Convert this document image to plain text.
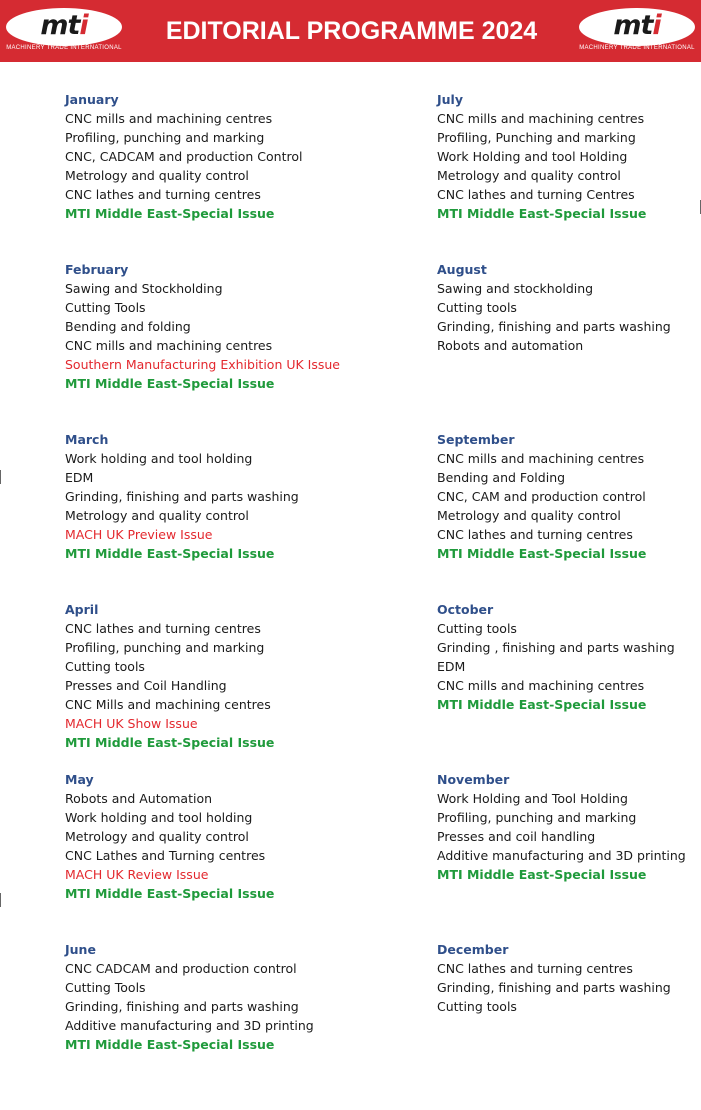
mti
MACHINERY TRADE INTERNATIONAL
EDITORIAL PROGRAMME 2024	mti
MACHINERY TRADE INTERNATIONAL
January
CNC mills and machining centres
Profiling, punching and marking
CNC, CADCAM and production Control
Metrology and quality control
CNC lathes and turning centres
MTI Middle East-Special Issue
February
Sawing and Stockholding
Cutting Tools
Bending and folding
CNC mills and machining centres
Southern Manufacturing Exhibition UK Issue
MTI Middle East-Special Issue
March
Work holding and tool holding
EDM
Grinding, finishing and parts washing
Metrology and quality control
MACH UK Preview Issue
MTI Middle East-Special Issue
April
CNC lathes and turning centres
Profiling, punching and marking
Cutting tools
Presses and Coil Handling
CNC Mills and machining centres
MACH UK Show Issue
MTI Middle East-Special Issue
May
Robots and Automation
Work holding and tool holding
Metrology and quality control
CNC Lathes and Turning centres
MACH UK Review Issue
MTI Middle East-Special Issue
June
CNC CADCAM and production control
Cutting Tools
Grinding, finishing and parts washing
Additive manufacturing and 3D printing
MTI Middle East-Special Issue
July
CNC mills and machining centres
Profiling, Punching and marking
Work Holding and tool Holding
Metrology and quality control
CNC lathes and turning Centres
MTI Middle East-Special Issue
August
Sawing and stockholding
Cutting tools
Grinding, finishing and parts washing
Robots and automation
September
CNC mills and machining centres
Bending and Folding
CNC, CAM and production control
Metrology and quality control
CNC lathes and turning centres
MTI Middle East-Special Issue
October
Cutting tools
Grinding , finishing and parts washing
EDM
CNC mills and machining centres
MTI Middle East-Special Issue
November
Work Holding and Tool Holding
Profiling, punching and marking
Presses and coil handling
Additive manufacturing and 3D printing
MTI Middle East-Special Issue
December
CNC lathes and turning centres
Grinding, finishing and parts washing
Cutting tools
